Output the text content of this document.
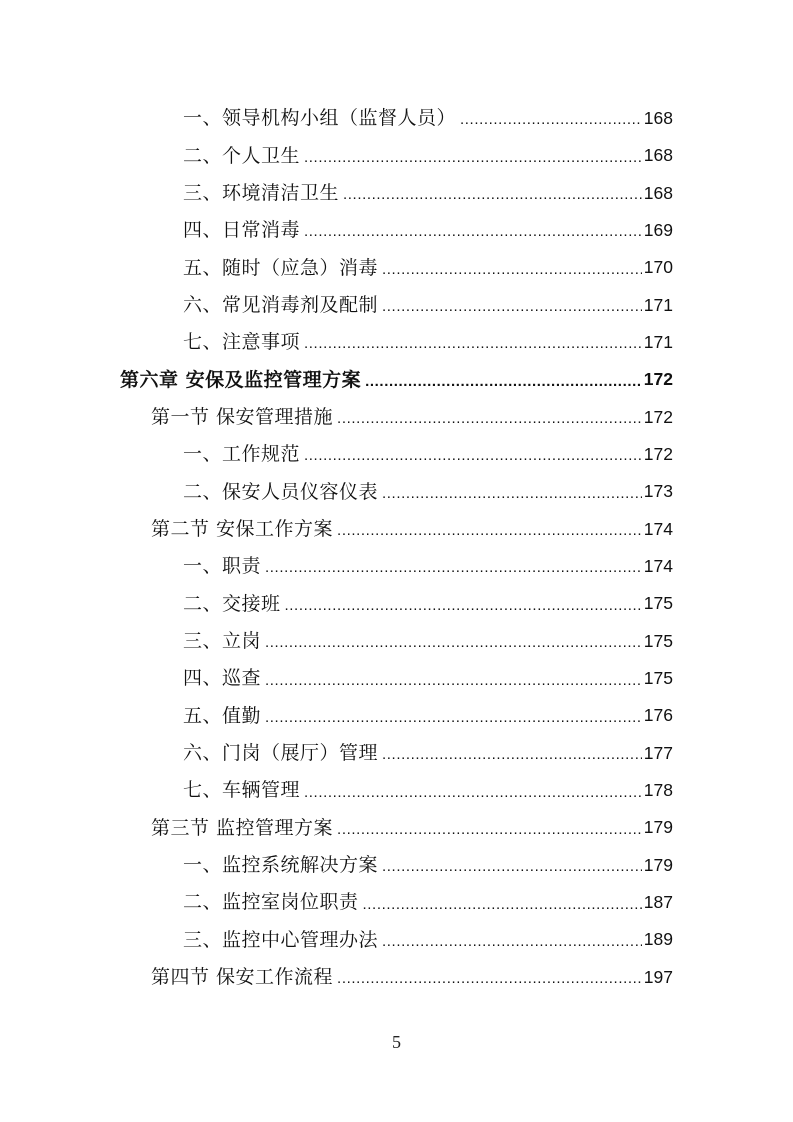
一、领导机构小组（监督人员） .....	168
二、个人卫生 .....	168
三、环境清洁卫生 .....	168
四、日常消毒 .....	169
五、随时（应急）消毒 .....	170
六、常见消毒剂及配制 .....	171
七、注意事项 .....	171
第六章 安保及监控管理方案 .....	172
第一节 保安管理措施 .....	172
一、工作规范 .....	172
二、保安人员仪容仪表 .....	173
第二节 安保工作方案 .....	174
一、职责 .....	174
二、交接班 .....	175
三、立岗 .....	175
四、巡查 .....	175
五、值勤 .....	176
六、门岗（展厅）管理 .....	177
七、车辆管理 .....	178
第三节 监控管理方案 .....	179
一、监控系统解决方案 .....	179
二、监控室岗位职责 .....	187
三、监控中心管理办法 .....	189
第四节 保安工作流程 .....	197
5
